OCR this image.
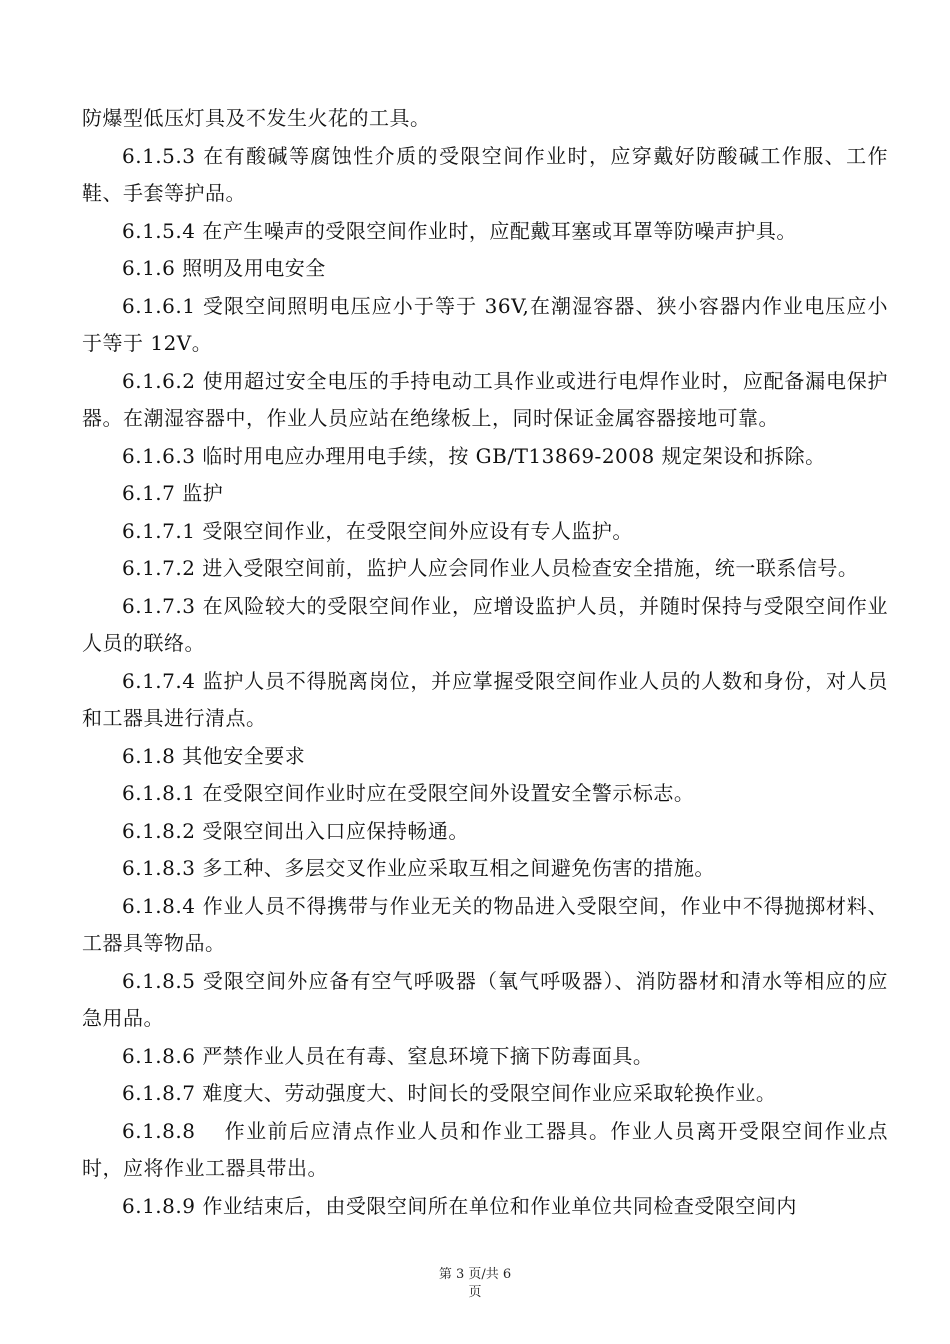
防爆型低压灯具及不发生火花的工具。

6.1.5.3 在有酸碱等腐蚀性介质的受限空间作业时，应穿戴好防酸碱工作服、工作鞋、手套等护品。

6.1.5.4 在产生噪声的受限空间作业时，应配戴耳塞或耳罩等防噪声护具。

6.1.6 照明及用电安全

6.1.6.1 受限空间照明电压应小于等于 36V,在潮湿容器、狭小容器内作业电压应小于等于 12V。

6.1.6.2 使用超过安全电压的手持电动工具作业或进行电焊作业时，应配备漏电保护器。在潮湿容器中，作业人员应站在绝缘板上，同时保证金属容器接地可靠。

6.1.6.3 临时用电应办理用电手续，按 GB/T13869-2008 规定架设和拆除。

6.1.7 监护

6.1.7.1 受限空间作业，在受限空间外应设有专人监护。

6.1.7.2 进入受限空间前，监护人应会同作业人员检查安全措施，统一联系信号。

6.1.7.3 在风险较大的受限空间作业，应增设监护人员，并随时保持与受限空间作业人员的联络。

6.1.7.4 监护人员不得脱离岗位，并应掌握受限空间作业人员的人数和身份，对人员和工器具进行清点。

6.1.8 其他安全要求

6.1.8.1 在受限空间作业时应在受限空间外设置安全警示标志。

6.1.8.2 受限空间出入口应保持畅通。

6.1.8.3 多工种、多层交叉作业应采取互相之间避免伤害的措施。

6.1.8.4 作业人员不得携带与作业无关的物品进入受限空间，作业中不得抛掷材料、工器具等物品。

6.1.8.5 受限空间外应备有空气呼吸器（氧气呼吸器）、消防器材和清水等相应的应急用品。

6.1.8.6 严禁作业人员在有毒、窒息环境下摘下防毒面具。

6.1.8.7 难度大、劳动强度大、时间长的受限空间作业应采取轮换作业。

6.1.8.8 　作业前后应清点作业人员和作业工器具。作业人员离开受限空间作业点时，应将作业工器具带出。

6.1.8.9 作业结束后，由受限空间所在单位和作业单位共同检查受限空间内

第 3 页/共 6
页
